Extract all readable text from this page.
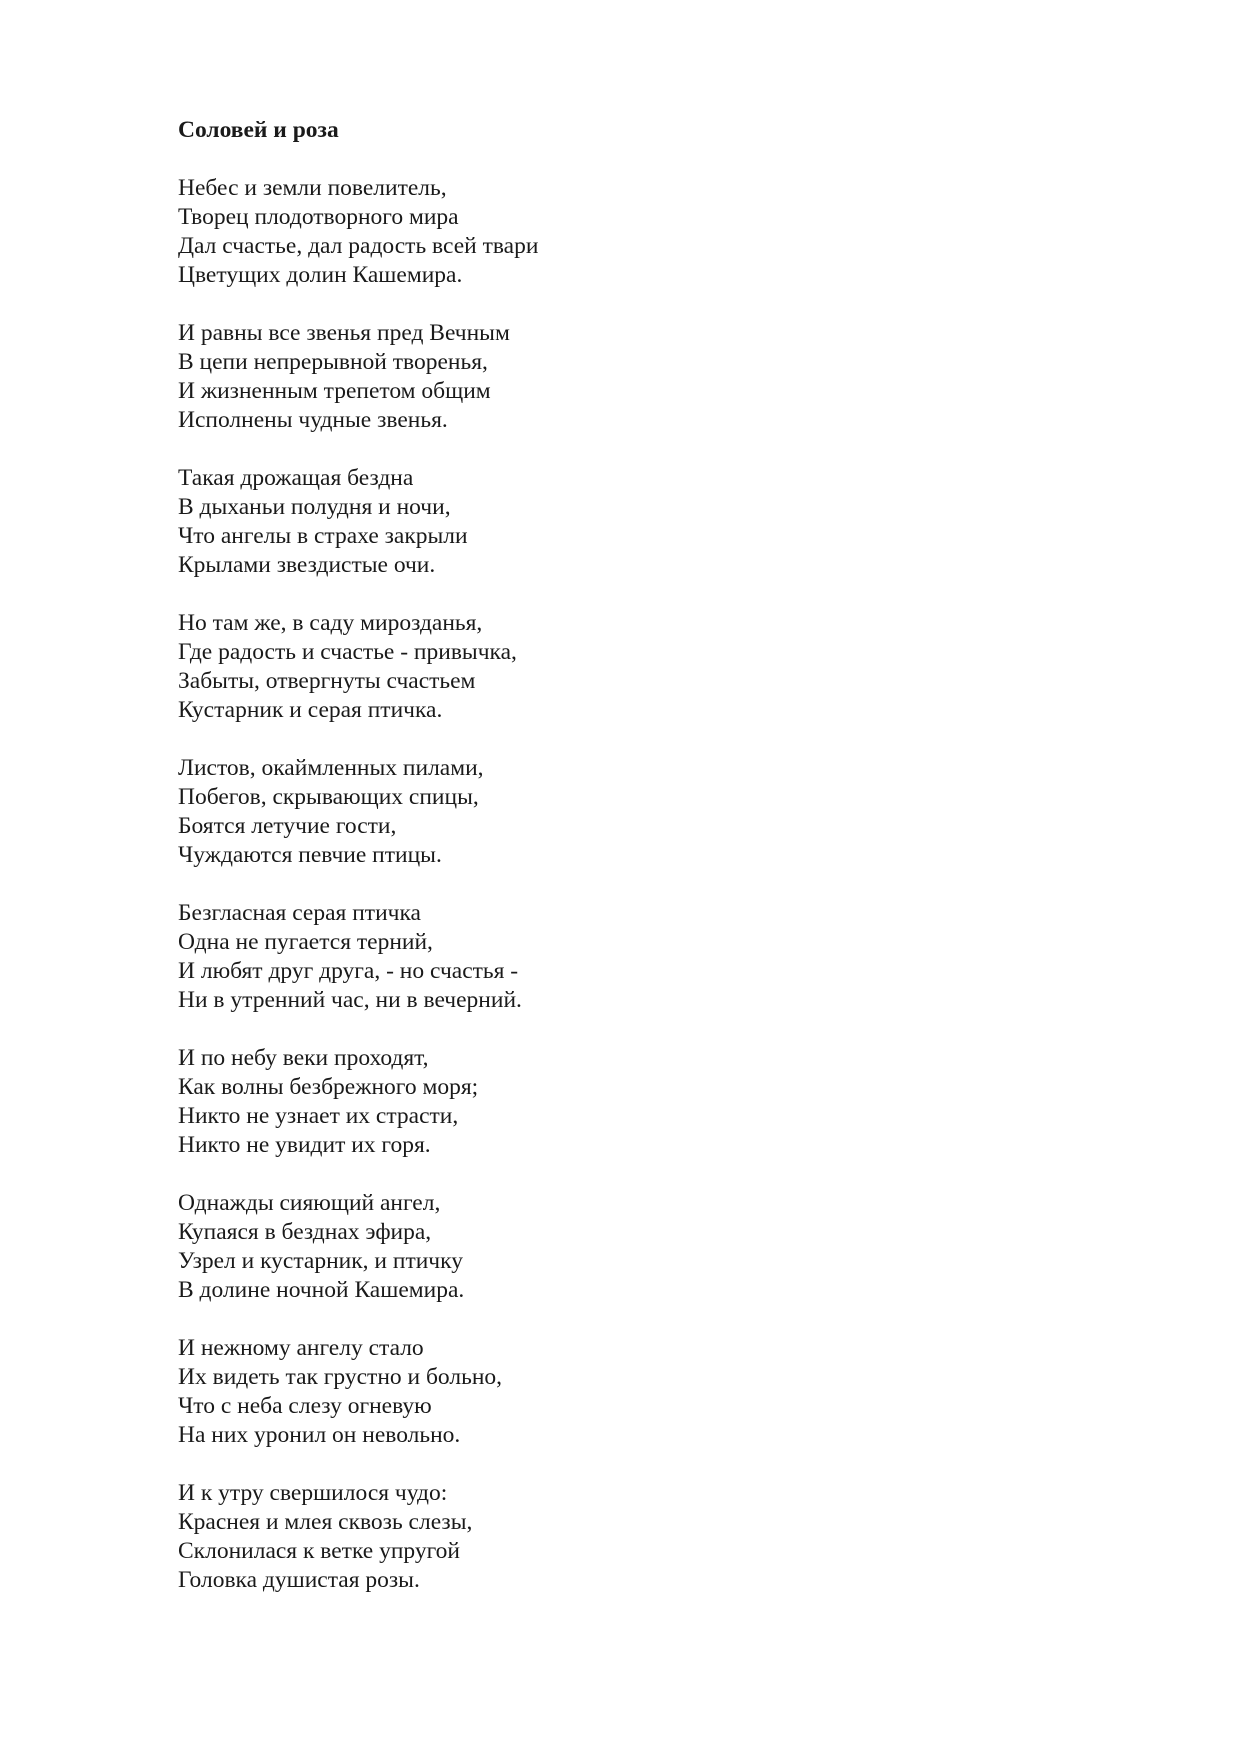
Соловей и роза
Небес и земли повелитель,
Творец плодотворного мира
Дал счастье, дал радость всей твари
Цветущих долин Кашемира.
И равны все звенья пред Вечным
В цепи непрерывной творенья,
И жизненным трепетом общим
Исполнены чудные звенья.
Такая дрожащая бездна
В дыханьи полудня и ночи,
Что ангелы в страхе закрыли
Крылами звездистые очи.
Но там же, в саду мирозданья,
Где радость и счастье - привычка,
Забыты, отвергнуты счастьем
Кустарник и серая птичка.
Листов, окаймленных пилами,
Побегов, скрывающих спицы,
Боятся летучие гости,
Чуждаются певчие птицы.
Безгласная серая птичка
Одна не пугается терний,
И любят друг друга, - но счастья -
Ни в утренний час, ни в вечерний.
И по небу веки проходят,
Как волны безбрежного моря;
Никто не узнает их страсти,
Никто не увидит их горя.
Однажды сияющий ангел,
Купаяся в безднах эфира,
Узрел и кустарник, и птичку
В долине ночной Кашемира.
И нежному ангелу стало
Их видеть так грустно и больно,
Что с неба слезу огневую
На них уронил он невольно.
И к утру свершилося чудо:
Краснея и млея сквозь слезы,
Склонилася к ветке упругой
Головка душистая розы.
